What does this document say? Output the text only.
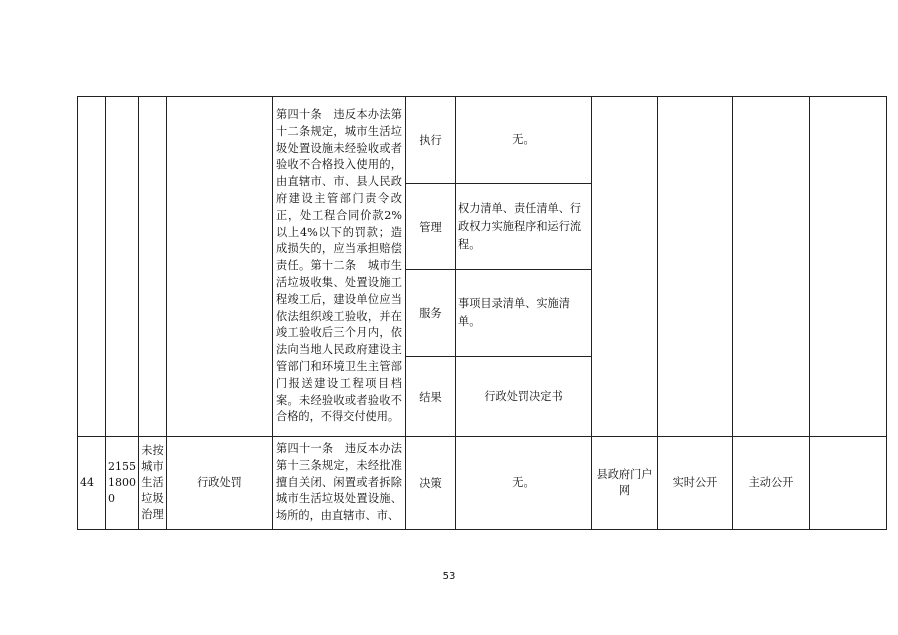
				第四十条　违反本办法第十二条规定，城市生活垃圾处置设施未经验收或者验收不合格投入使用的，由直辖市、市、县人民政府建设主管部门责令改正，处工程合同价款2%以上4%以下的罚款；造成损失的，应当承担赔偿责任。第十二条　城市生活垃圾收集、处置设施工程竣工后，建设单位应当依法组织竣工验收，并在竣工验收后三个月内，依法向当地人民政府建设主管部门和环境卫生主管部门报送建设工程项目档案。未经验收或者验收不合格的，不得交付使用。	执行	无。				
					管理	权力清单、责任清单、行政权力实施程序和运行流程。				
					服务	事项目录清单、实施清单。				
					结果	行政处罚决定书				
44	215518000	未按城市生活垃圾治理	行政处罚	第四十一条　违反本办法第十三条规定，未经批准擅自关闭、闲置或者拆除城市生活垃圾处置设施、场所的，由直辖市、市、	决策	无。	县政府门户网	实时公开	主动公开	
53
